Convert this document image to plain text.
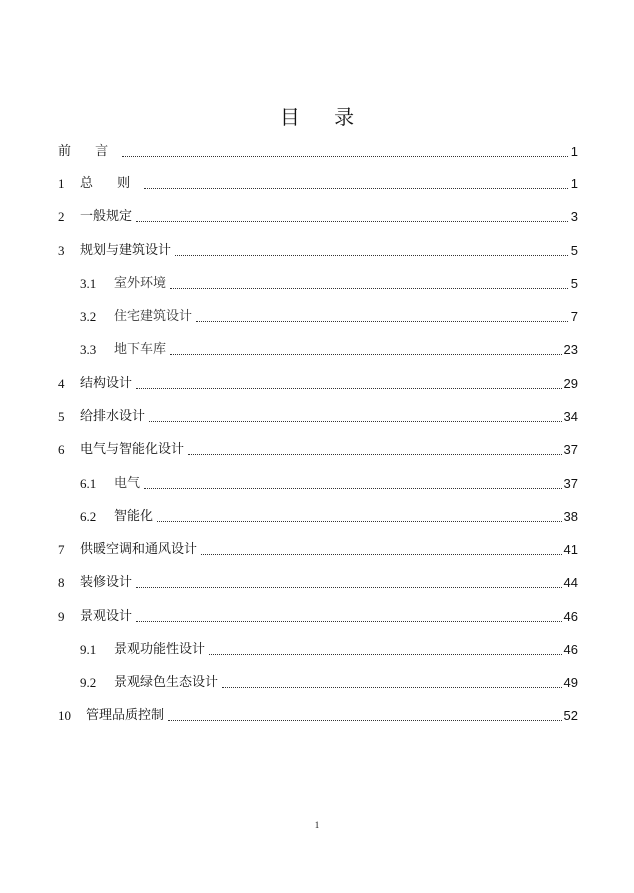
目 录
前 言	1
1	总 则	1
2	一般规定	3
3	规划与建筑设计	5
3.1	室外环境	5
3.2	住宅建筑设计	7
3.3	地下车库	23
4	结构设计	29
5	给排水设计	34
6	电气与智能化设计	37
6.1	电气	37
6.2	智能化	38
7	供暖空调和通风设计	41
8	装修设计	44
9	景观设计	46
9.1	景观功能性设计	46
9.2	景观绿色生态设计	49
10	管理品质控制	52
1
